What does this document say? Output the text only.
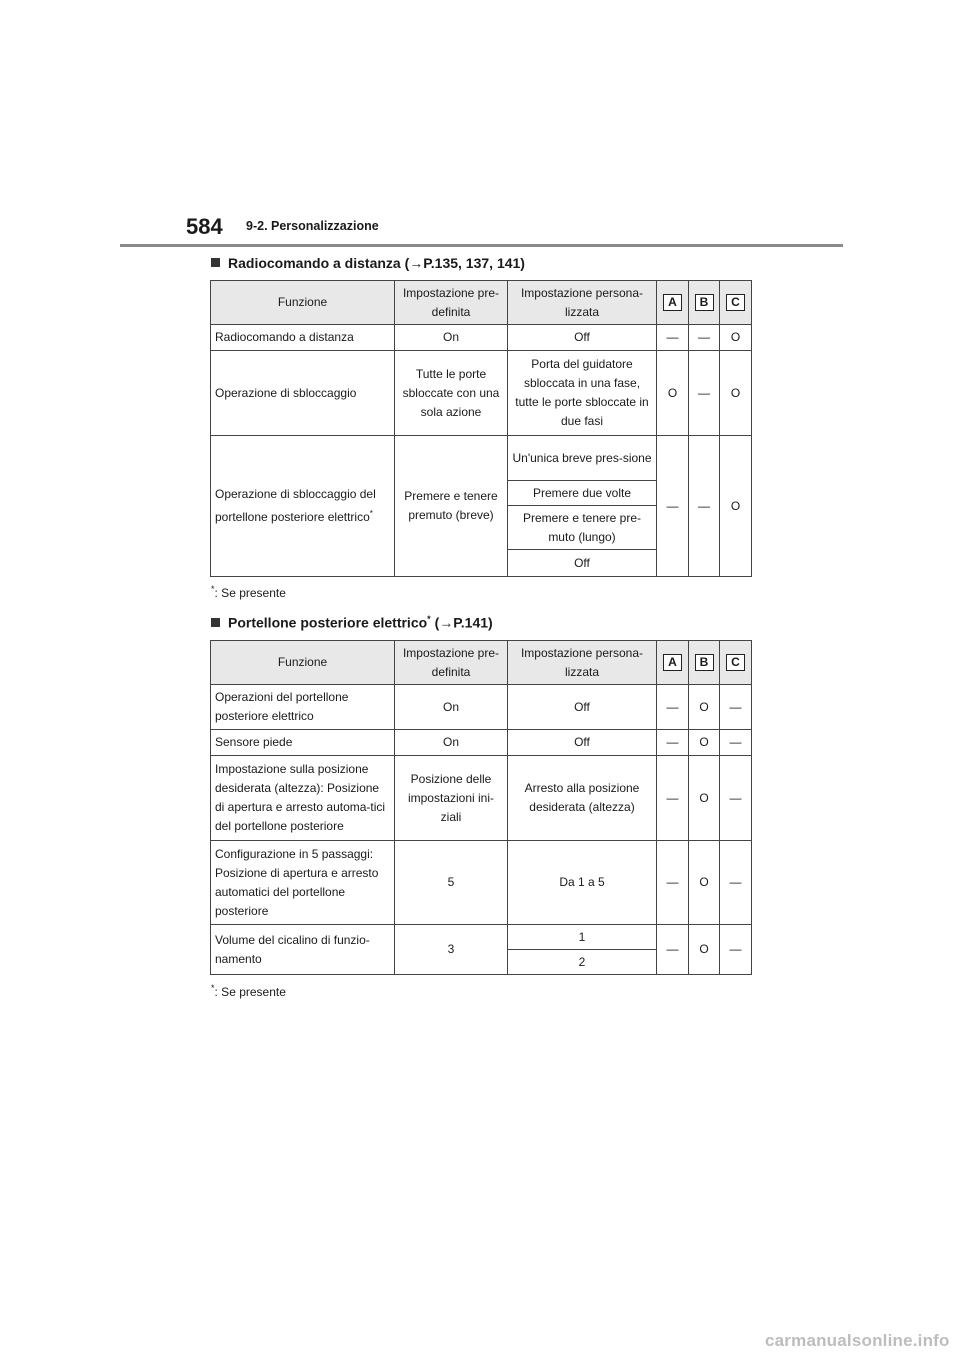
584 9-2. Personalizzazione
Radiocomando a distanza (→P.135, 137, 141)
Funzione	Impostazione pre-definita	Impostazione persona-lizzata	A	B	C
Radiocomando a distanza	On	Off	—	—	O
Operazione di sbloccaggio	Tutte le porte sbloccate con una sola azione	Porta del guidatore sbloccata in una fase, tutte le porte sbloccate in due fasi	O	—	O
Operazione di sbloccaggio del portellone posteriore elettrico*	Premere e tenere premuto (breve)	Un'unica breve pres-sione	—	—	O
		Premere due volte			
		Premere e tenere pre-muto (lungo)			
		Off			
*: Se presente
Portellone posteriore elettrico* (→P.141)
Funzione	Impostazione pre-definita	Impostazione persona-lizzata	A	B	C
Operazioni del portellone posteriore elettrico	On	Off	—	O	—
Sensore piede	On	Off	—	O	—
Impostazione sulla posizione desiderata (altezza): Posizione di apertura e arresto automa-tici del portellone posteriore	Posizione delle impostazioni ini-ziali	Arresto alla posizione desiderata (altezza)	—	O	—
Configurazione in 5 passaggi: Posizione di apertura e arresto automatici del portellone posteriore	5	Da 1 a 5	—	O	—
Volume del cicalino di funzio-namento	3	1	—	O	—
		2			
*: Se presente
carmanualsonline.info
